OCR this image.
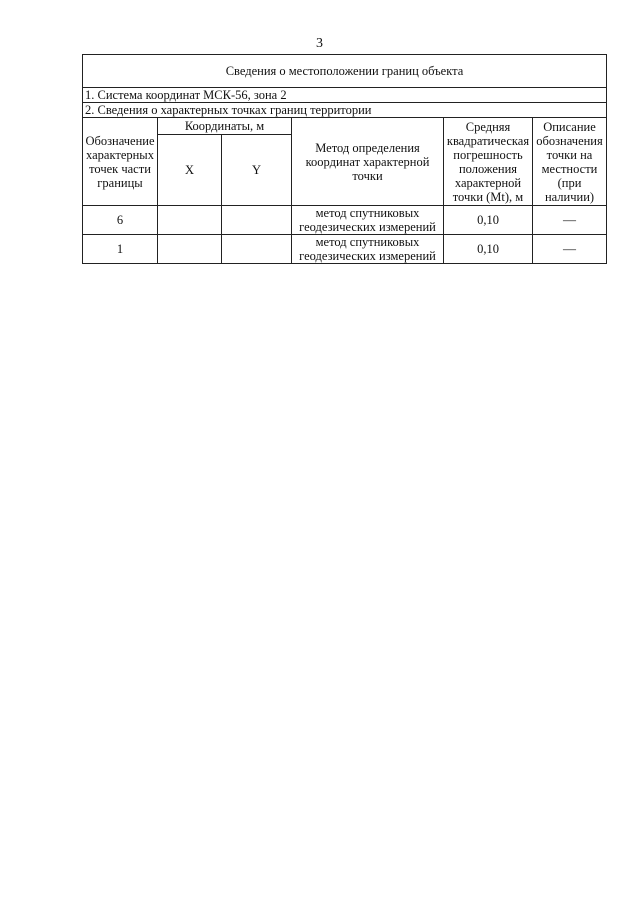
3
Сведения о местоположении границ объекта					
1. Система координат МСК-56, зона 2					
2. Сведения о характерных точках границ территории					
Обозначение характерных точек части границы	Координаты, м		Метод определения координат характерной точки	Средняя квадратическая погрешность положения характерной точки (Mt), м	Описание обозначения точки на местности (при наличии)
	X	Y			
6			метод спутниковых геодезических измерений	0,10	—
1			метод спутниковых геодезических измерений	0,10	—
